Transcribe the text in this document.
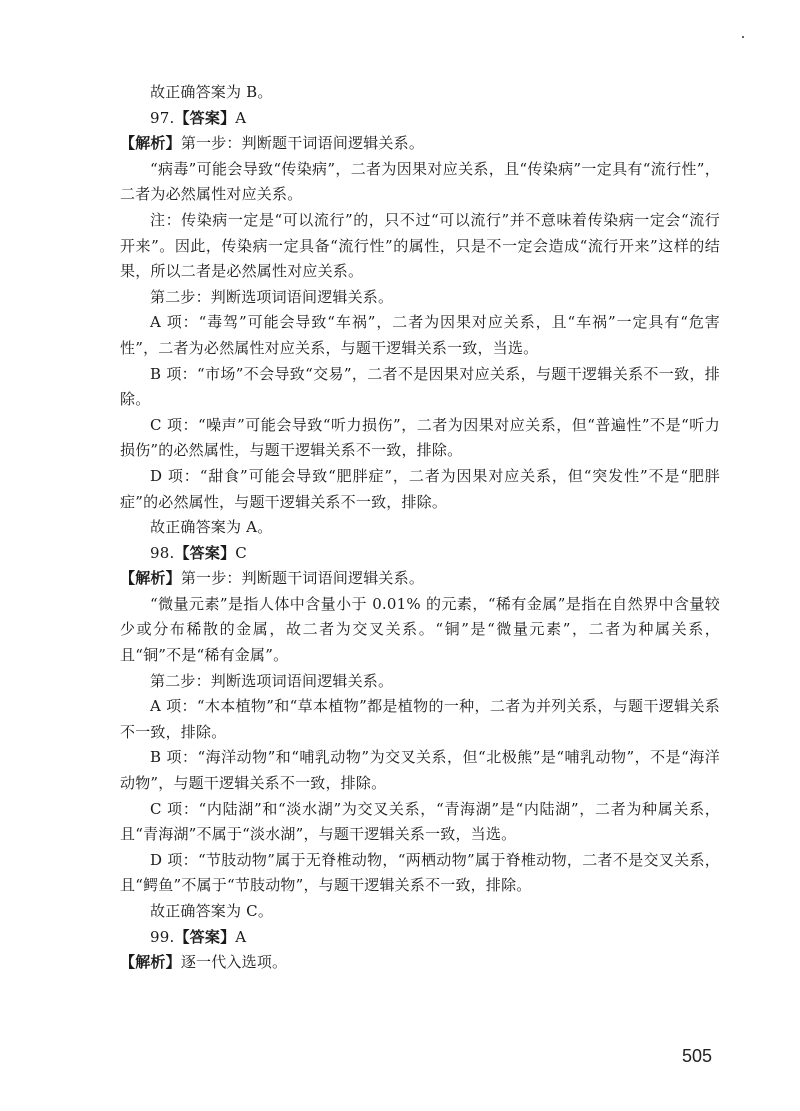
故正确答案为 B。

97.【答案】A

【解析】第一步：判断题干词语间逻辑关系。

“病毒”可能会导致“传染病”，二者为因果对应关系，且“传染病”一定具有“流行性”，二者为必然属性对应关系。

注：传染病一定是“可以流行”的，只不过“可以流行”并不意味着传染病一定会“流行开来”。因此，传染病一定具备“流行性”的属性，只是不一定会造成“流行开来”这样的结果，所以二者是必然属性对应关系。

第二步：判断选项词语间逻辑关系。

A 项：“毒驾”可能会导致“车祸”，二者为因果对应关系，且“车祸”一定具有“危害性”，二者为必然属性对应关系，与题干逻辑关系一致，当选。

B 项：“市场”不会导致“交易”，二者不是因果对应关系，与题干逻辑关系不一致，排除。

C 项：“噪声”可能会导致“听力损伤”，二者为因果对应关系，但“普遍性”不是“听力损伤”的必然属性，与题干逻辑关系不一致，排除。

D 项：“甜食”可能会导致“肥胖症”，二者为因果对应关系，但“突发性”不是“肥胖症”的必然属性，与题干逻辑关系不一致，排除。

故正确答案为 A。

98.【答案】C

【解析】第一步：判断题干词语间逻辑关系。

“微量元素”是指人体中含量小于 0.01% 的元素，“稀有金属”是指在自然界中含量较少或分布稀散的金属，故二者为交叉关系。“铜”是“微量元素”，二者为种属关系，且“铜”不是“稀有金属”。

第二步：判断选项词语间逻辑关系。

A 项：“木本植物”和“草本植物”都是植物的一种，二者为并列关系，与题干逻辑关系不一致，排除。

B 项：“海洋动物”和“哺乳动物”为交叉关系，但“北极熊”是“哺乳动物”，不是“海洋动物”，与题干逻辑关系不一致，排除。

C 项：“内陆湖”和“淡水湖”为交叉关系，“青海湖”是“内陆湖”，二者为种属关系，且“青海湖”不属于“淡水湖”，与题干逻辑关系一致，当选。

D 项：“节肢动物”属于无脊椎动物，“两栖动物”属于脊椎动物，二者不是交叉关系，且“鳄鱼”不属于“节肢动物”，与题干逻辑关系不一致，排除。

故正确答案为 C。

99.【答案】A

【解析】逐一代入选项。

505
